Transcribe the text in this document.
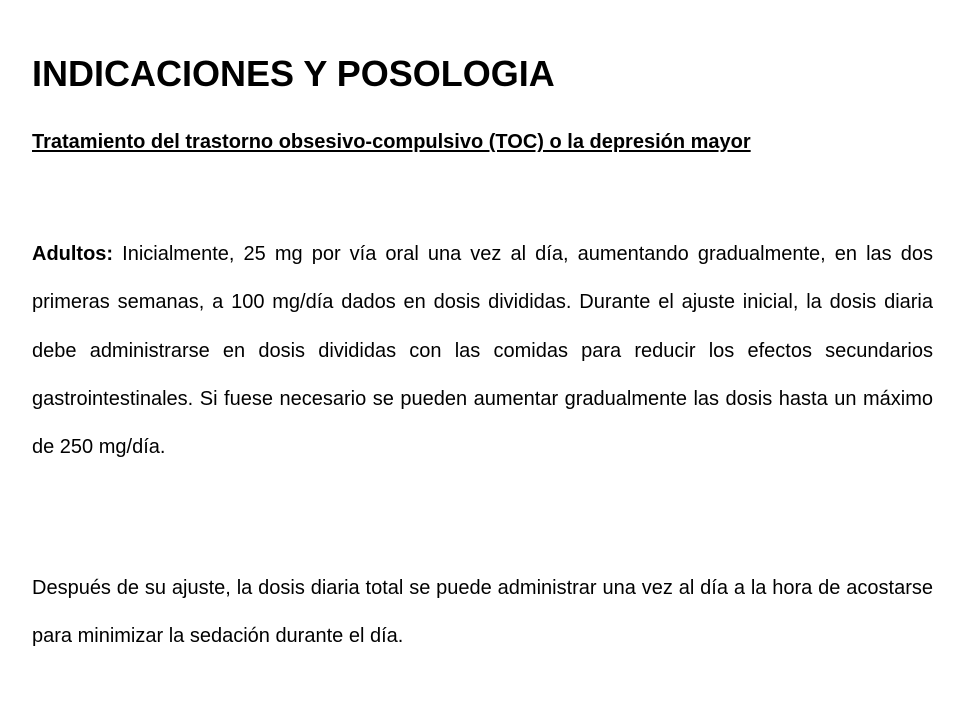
INDICACIONES Y POSOLOGIA

Tratamiento del trastorno obsesivo-compulsivo (TOC) o la depresión mayor

Adultos: Inicialmente, 25 mg por vía oral una vez al día, aumentando gradualmente, en las dos primeras semanas, a 100 mg/día dados en dosis divididas. Durante el ajuste inicial, la dosis diaria debe administrarse en dosis divididas con las comidas para reducir los efectos secundarios gastrointestinales. Si fuese necesario se pueden aumentar gradualmente las dosis hasta un máximo de 250 mg/día.

Después de su ajuste, la dosis diaria total se puede administrar una vez al día a la hora de acostarse para minimizar la sedación durante el día.
